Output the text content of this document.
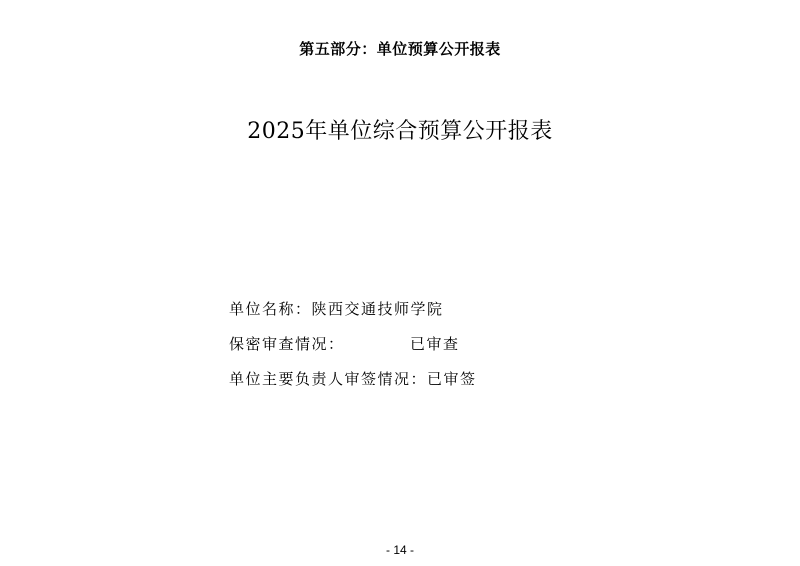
第五部分：单位预算公开报表
2025年单位综合预算公开报表
单位名称：陕西交通技师学院
保密审查情况：	已审查
单位主要负责人审签情况：已审签
- 14 -
